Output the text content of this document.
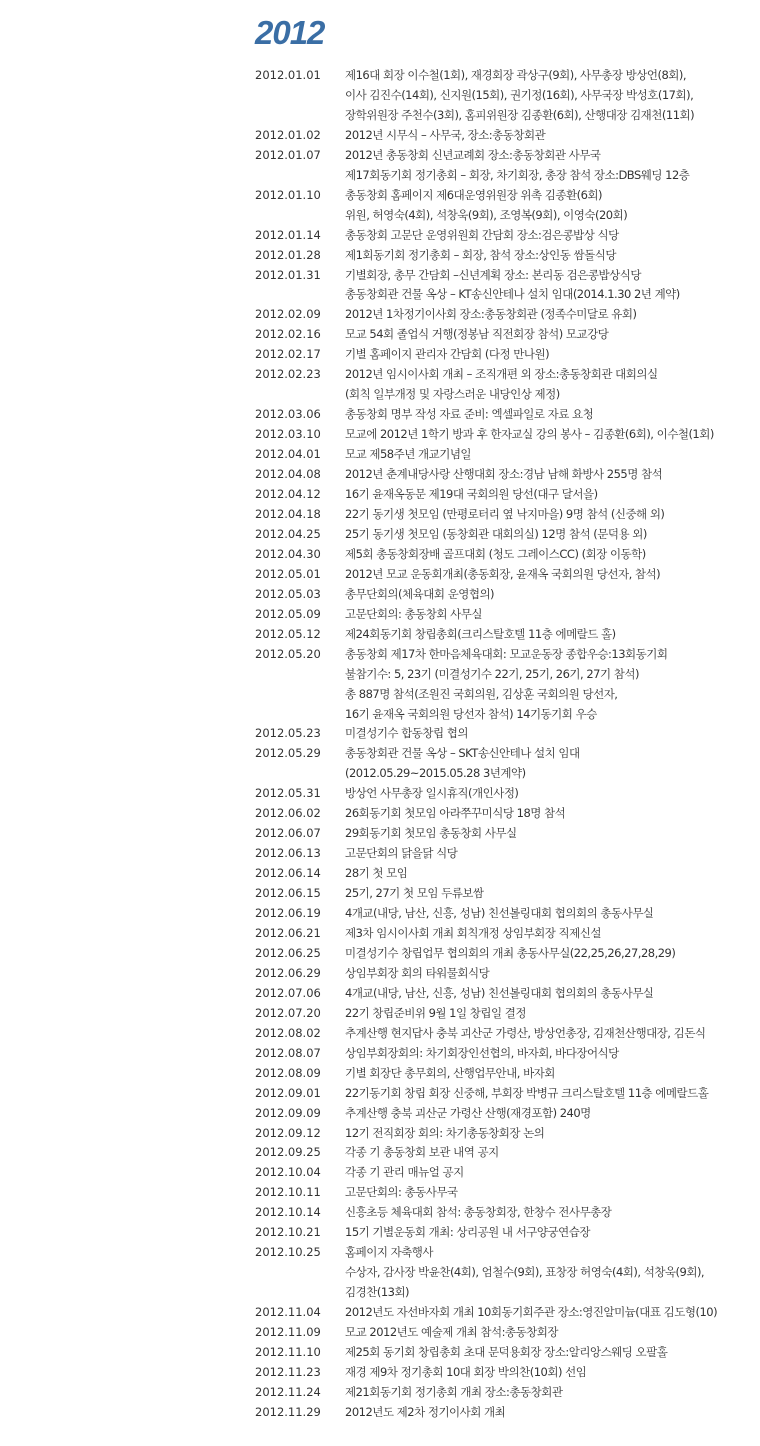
2012
2012.01.01	제16대 회장 이수철(1회), 재경회장 곽상구(9회), 사무총장 방상언(8회),
이사 김진수(14회), 신지원(15회), 권기정(16회), 사무국장 박성호(17회),
장학위원장 주천수(3회), 홈피위원장 김종환(6회), 산행대장 김재천(11회)
2012.01.02	2012년 시무식 – 사무국, 장소:총동창회관
2012.01.07	2012년 총동창회 신년교례회 장소:총동창회관 사무국
제17회동기회 정기총회 – 회장, 차기회장, 총장 참석 장소:DBS웨딩 12층
2012.01.10	총동창회 홈페이지 제6대운영위원장 위촉 김종환(6회)
위원, 허영숙(4회), 석창욱(9회), 조영복(9회), 이영숙(20회)
2012.01.14	총동창회 고문단 운영위원회 간담회 장소:검은콩밥상 식당
2012.01.28	제1회동기회 정기총회 – 회장, 참석 장소:상인동 쌈돌식당
2012.01.31	기별회장, 총무 간담회 –신년계획 장소: 본리동 검은콩밥상식당
총동창회관 건물 옥상 – KT송신안테나 설치 임대(2014.1.30 2년 계약)
2012.02.09	2012년 1차정기이사회 장소:총동창회관 (정족수미달로 유회)
2012.02.16	모교 54회 졸업식 거행(정봉남 직전회장 참석) 모교강당
2012.02.17	기별 홈페이지 관리자 간담회 (다정 만나원)
2012.02.23	2012년 임시이사회 개최 – 조직개편 외 장소:총동창회관 대회의실
(회칙 일부개정 및 자랑스러운 내당인상 제정)
2012.03.06	총동창회 명부 작성 자료 준비: 엑셀파일로 자료 요청
2012.03.10	모교에 2012년 1학기 방과 후 한자교실 강의 봉사 – 김종환(6회), 이수철(1회)
2012.04.01	모교 제58주년 개교기념일
2012.04.08	2012년 춘계내당사랑 산행대회 장소:경남 남해 화방사 255명 참석
2012.04.12	16기 윤재옥동문 제19대 국회의원 당선(대구 달서을)
2012.04.18	22기 동기생 첫모임 (만평로터리 옆 낙지마을) 9명 참석 (신중해 외)
2012.04.25	25기 동기생 첫모임 (동창회관 대회의실) 12명 참석 (문덕용 외)
2012.04.30	제5회 총동창회장배 골프대회 (청도 그레이스CC) (회장 이동학)
2012.05.01	2012년 모교 운동회개최(총동회장, 윤재옥 국회의원 당선자, 참석)
2012.05.03	총무단회의(체육대회 운영협의)
2012.05.09	고문단회의: 총동창회 사무실
2012.05.12	제24회동기회 창립총회(크리스탈호텔 11층 에메랄드 홀)
2012.05.20	총동창회 제17차 한마음체육대회: 모교운동장 종합우승:13회동기회
불참기수: 5, 23기 (미결성기수 22기, 25기, 26기, 27기 참석)
총 887명 참석(조원진 국회의원, 김상훈 국회의원 당선자,
16기 윤재옥 국회의원 당선자 참석) 14기동기회 우승
2012.05.23	미결성기수 합동창립 협의
2012.05.29	총동창회관 건물 옥상 – SKT송신안테나 설치 임대
(2012.05.29~2015.05.28 3년계약)
2012.05.31	방상언 사무총장 일시휴직(개인사정)
2012.06.02	26회동기회 첫모임 아라쭈꾸미식당 18명 참석
2012.06.07	29회동기회 첫모임 총동창회 사무실
2012.06.13	고문단회의 닭을닭 식당
2012.06.14	28기 첫 모임
2012.06.15	25기, 27기 첫 모임 두류보쌈
2012.06.19	4개교(내당, 남산, 신흥, 성남) 친선볼링대회 협의회의 총동사무실
2012.06.21	제3차 임시이사회 개최 회칙개정 상임부회장 직제신설
2012.06.25	미결성기수 창립업무 협의회의 개최 총동사무실(22,25,26,27,28,29)
2012.06.29	상임부회장 회의 타워물회식당
2012.07.06	4개교(내당, 남산, 신흥, 성남) 친선볼링대회 협의회의 총동사무실
2012.07.20	22기 창립준비위 9월 1일 창립일 결정
2012.08.02	추계산행 현지답사 충북 괴산군 가령산, 방상언총장, 김재천산행대장, 김돈식
2012.08.07	상임부회장회의: 차기회장인선협의, 바자회, 바다장어식당
2012.08.09	기별 회장단 총무회의, 산행업무안내, 바자회
2012.09.01	22기동기회 창립 회장 신중해, 부회장 박병규 크리스탈호텔 11층 에메랄드홀
2012.09.09	추계산행 충북 괴산군 가령산 산행(재경포함) 240명
2012.09.12	12기 전직회장 회의: 차기총동창회장 논의
2012.09.25	각종 기 총동창회 보관 내역 공지
2012.10.04	각종 기 관리 매뉴얼 공지
2012.10.11	고문단회의: 총동사무국
2012.10.14	신흥초등 체육대회 참석: 총동창회장, 한창수 전사무총장
2012.10.21	15기 기별운동회 개최: 상리공원 내 서구양궁연습장
2012.10.25	홈페이지 자축행사
수상자, 감사장 박윤찬(4회), 엄철수(9회), 표창장 허영숙(4회), 석창욱(9회),
김경찬(13회)
2012.11.04	2012년도 자선바자회 개최 10회동기회주관 장소:영진알미늄(대표 김도형(10)
2012.11.09	모교 2012년도 예술제 개최 참석:총동창회장
2012.11.10	제25회 동기회 창립총회 초대 문덕용회장 장소:알리앙스웨딩 오팔홀
2012.11.23	재경 제9차 정기총회 10대 회장 박의찬(10회) 선임
2012.11.24	제21회동기회 정기총회 개최 장소:총동창회관
2012.11.29	2012년도 제2차 정기이사회 개최
